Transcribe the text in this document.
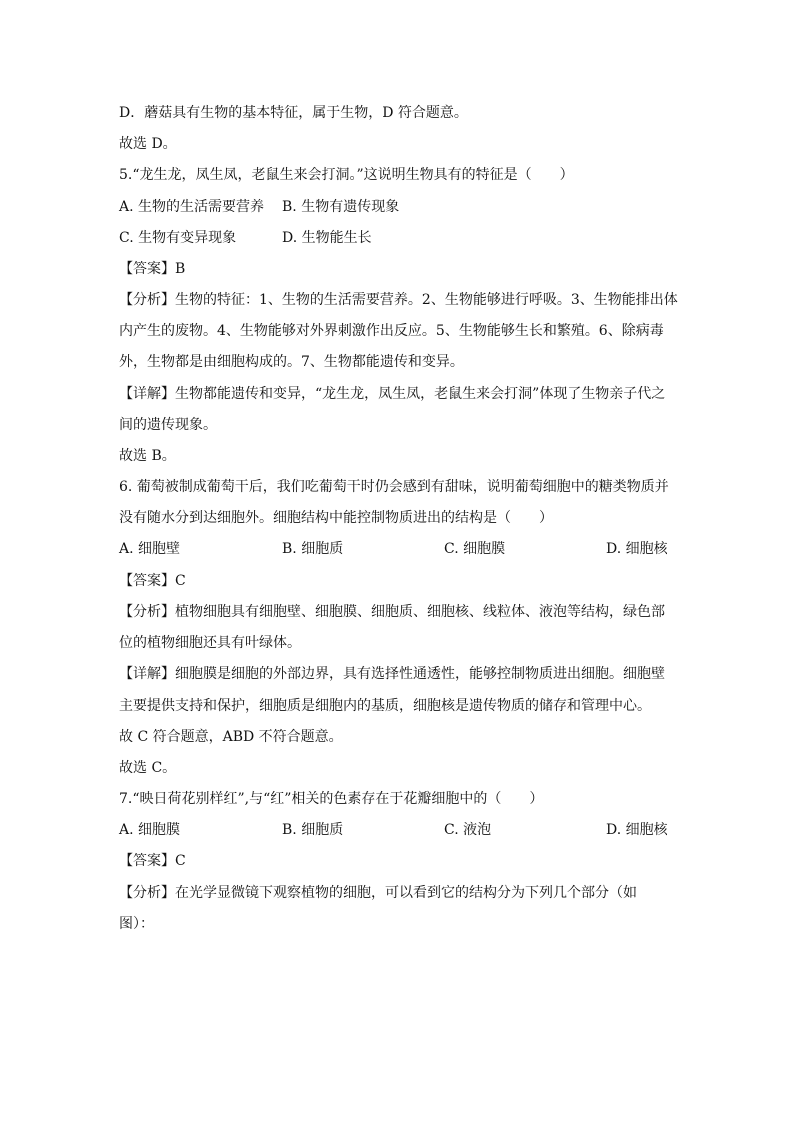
D．蘑菇具有生物的基本特征，属于生物，D 符合题意。
故选 D。
5.“龙生龙，凤生凤，老鼠生来会打洞。”这说明生物具有的特征是（　　）
A. 生物的生活需要营养 B. 生物有遗传现象
C. 生物有变异现象	D. 生物能生长
【答案】B
【分析】生物的特征：1、生物的生活需要营养。2、生物能够进行呼吸。3、生物能排出体
内产生的废物。4、生物能够对外界刺激作出反应。5、生物能够生长和繁殖。6、除病毒
外，生物都是由细胞构成的。7、生物都能遗传和变异。
【详解】生物都能遗传和变异，“龙生龙，凤生凤，老鼠生来会打洞”体现了生物亲子代之
间的遗传现象。
故选 B。
6. 葡萄被制成葡萄干后，我们吃葡萄干时仍会感到有甜味，说明葡萄细胞中的糖类物质并
没有随水分到达细胞外。细胞结构中能控制物质进出的结构是（　　）
A. 细胞壁	B. 细胞质	C. 细胞膜	D. 细胞核
【答案】C
【分析】植物细胞具有细胞壁、细胞膜、细胞质、细胞核、线粒体、液泡等结构，绿色部
位的植物细胞还具有叶绿体。
【详解】细胞膜是细胞的外部边界，具有选择性通透性，能够控制物质进出细胞。细胞壁
主要提供支持和保护，细胞质是细胞内的基质，细胞核是遗传物质的储存和管理中心。
故 C 符合题意，ABD 不符合题意。
故选 C。
7.“映日荷花别样红”,与“红”相关的色素存在于花瓣细胞中的（　　）
A. 细胞膜	B. 细胞质	C. 液泡	D. 细胞核
【答案】C
【分析】在光学显微镜下观察植物的细胞，可以看到它的结构分为下列几个部分（如
图）：
